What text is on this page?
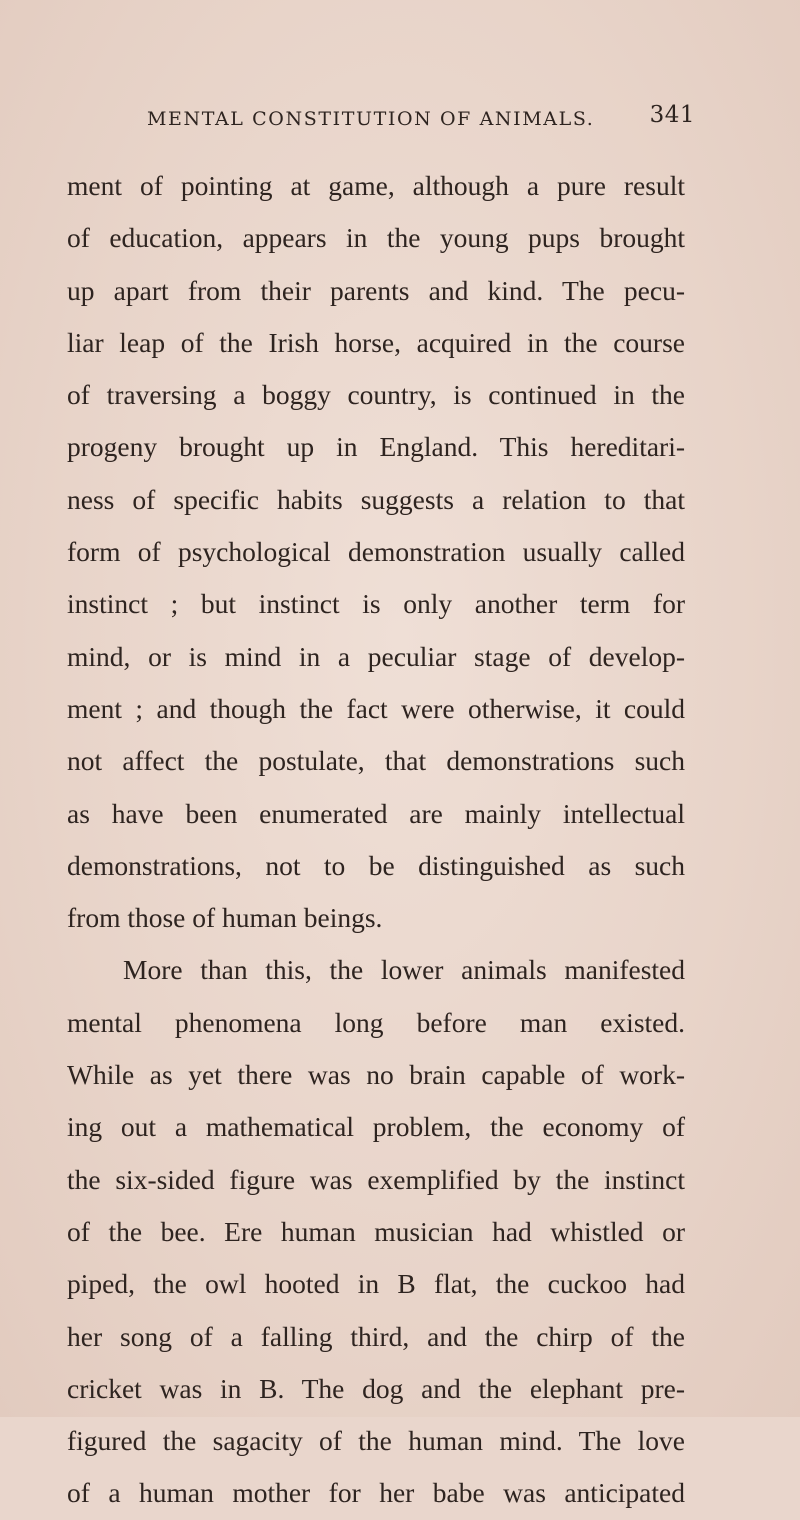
MENTAL CONSTITUTION OF ANIMALS. 341
ment of pointing at game, although a pure result
of education, appears in the young pups brought
up apart from their parents and kind. The pecu-
liar leap of the Irish horse, acquired in the course
of traversing a boggy country, is continued in the
progeny brought up in England. This hereditari-
ness of specific habits suggests a relation to that
form of psychological demonstration usually called
instinct ; but instinct is only another term for
mind, or is mind in a peculiar stage of develop-
ment ; and though the fact were otherwise, it could
not affect the postulate, that demonstrations such
as have been enumerated are mainly intellectual
demonstrations, not to be distinguished as such
from those of human beings.
More than this, the lower animals manifested
mental phenomena long before man existed.
While as yet there was no brain capable of work-
ing out a mathematical problem, the economy of
the six-sided figure was exemplified by the instinct
of the bee. Ere human musician had whistled or
piped, the owl hooted in B flat, the cuckoo had
her song of a falling third, and the chirp of the
cricket was in B. The dog and the elephant pre-
figured the sagacity of the human mind. The love
of a human mother for her babe was anticipated
